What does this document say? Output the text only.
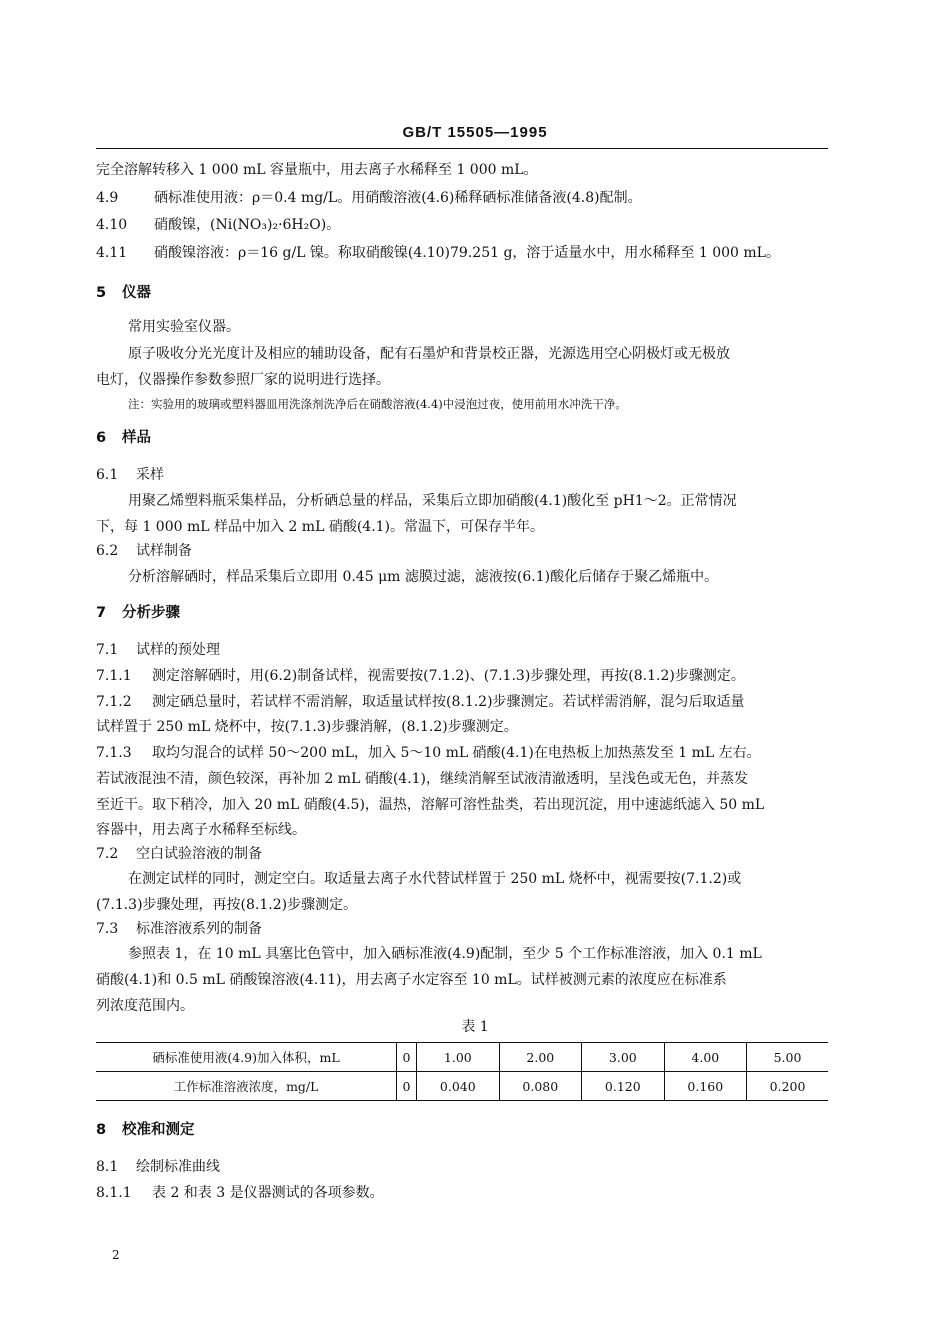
GB/T 15505—1995
完全溶解转移入 1 000 mL 容量瓶中，用去离子水稀释至 1 000 mL。
4.9	硒标准使用液：ρ＝0.4 mg/L。用硝酸溶液(4.6)稀释硒标准储备液(4.8)配制。
4.10 硝酸镍，(Ni(NO₃)₂·6H₂O)。
4.11 硝酸镍溶液：ρ＝16 g/L 镍。称取硝酸镍(4.10)79.251 g，溶于适量水中，用水稀释至 1 000 mL。
5 仪器
常用实验室仪器。
原子吸收分光光度计及相应的辅助设备，配有石墨炉和背景校正器，光源选用空心阴极灯或无极放
电灯，仪器操作参数参照厂家的说明进行选择。
注：实验用的玻璃或塑料器皿用洗涤剂洗净后在硝酸溶液(4.4)中浸泡过夜，使用前用水冲洗干净。
6 样品
6.1 采样
用聚乙烯塑料瓶采集样品，分析硒总量的样品，采集后立即加硝酸(4.1)酸化至 pH1～2。正常情况
下，每 1 000 mL 样品中加入 2 mL 硝酸(4.1)。常温下，可保存半年。
6.2 试样制备
分析溶解硒时，样品采集后立即用 0.45 μm 滤膜过滤，滤液按(6.1)酸化后储存于聚乙烯瓶中。
7 分析步骤
7.1 试样的预处理
7.1.1 测定溶解硒时，用(6.2)制备试样，视需要按(7.1.2)、(7.1.3)步骤处理，再按(8.1.2)步骤测定。
7.1.2 测定硒总量时，若试样不需消解，取适量试样按(8.1.2)步骤测定。若试样需消解，混匀后取适量
试样置于 250 mL 烧杯中，按(7.1.3)步骤消解，(8.1.2)步骤测定。
7.1.3 取均匀混合的试样 50～200 mL，加入 5～10 mL 硝酸(4.1)在电热板上加热蒸发至 1 mL 左右。
若试液混浊不清，颜色较深，再补加 2 mL 硝酸(4.1)，继续消解至试液清澈透明，呈浅色或无色，并蒸发
至近干。取下稍冷，加入 20 mL 硝酸(4.5)，温热，溶解可溶性盐类，若出现沉淀，用中速滤纸滤入 50 mL
容器中，用去离子水稀释至标线。
7.2 空白试验溶液的制备
在测定试样的同时，测定空白。取适量去离子水代替试样置于 250 mL 烧杯中，视需要按(7.1.2)或
(7.1.3)步骤处理，再按(8.1.2)步骤测定。
7.3 标准溶液系列的制备
参照表 1，在 10 mL 具塞比色管中，加入硒标准液(4.9)配制，至少 5 个工作标准溶液，加入 0.1 mL
硝酸(4.1)和 0.5 mL 硝酸镍溶液(4.11)，用去离子水定容至 10 mL。试样被测元素的浓度应在标准系
列浓度范围内。
表 1
硒标准使用液(4.9)加入体积，mL	0	1.00	2.00	3.00	4.00	5.00
工作标准溶液浓度，mg/L	0	0.040	0.080	0.120	0.160	0.200
8 校准和测定
8.1 绘制标准曲线
8.1.1 表 2 和表 3 是仪器测试的各项参数。
2
